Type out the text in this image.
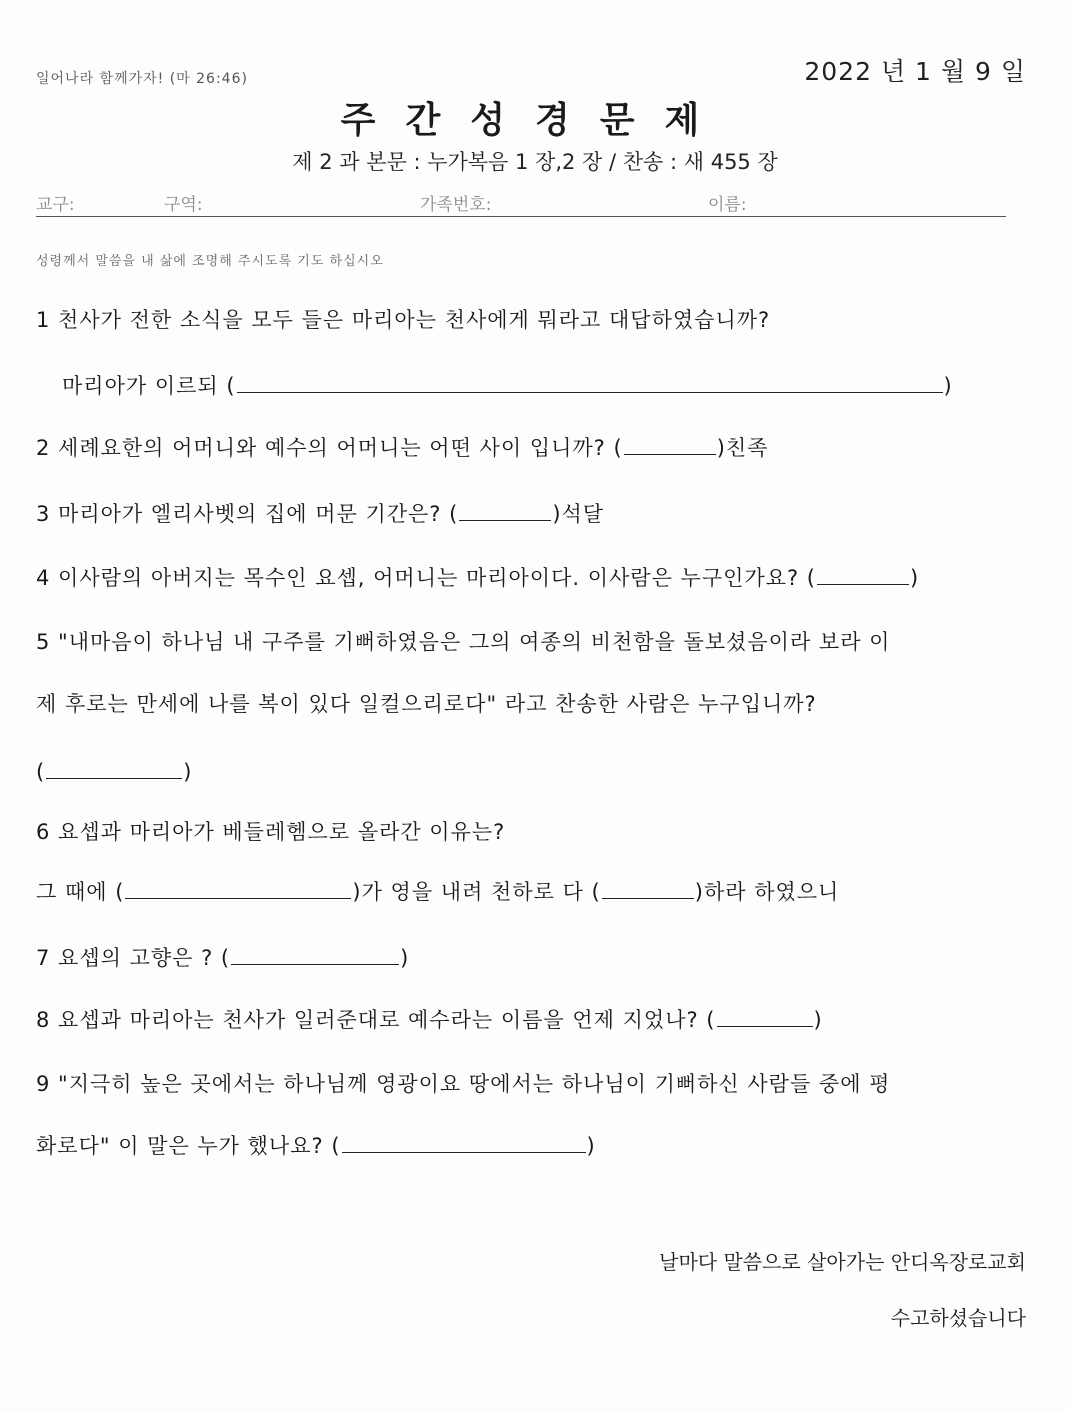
일어나라 함께가자! (마 26:46)	2022 년 1 월 9 일
주간성경문제
제 2 과 본문 : 누가복음 1 장,2 장 / 찬송 : 새 455 장
교구:	구역:	가족번호:	이름:
성령께서 말씀을 내 삶에 조명해 주시도록 기도 하십시오
1 천사가 전한 소식을 모두 들은 마리아는 천사에게 뭐라고 대답하였습니까?
마리아가 이르되 (	)
2 세례요한의 어머니와 예수의 어머니는 어떤 사이 입니까? (	)친족
3 마리아가 엘리사벳의 집에 머문 기간은? (	)석달
4 이사람의 아버지는 목수인 요셉, 어머니는 마리아이다. 이사람은 누구인가요? (	)
5 "내마음이 하나님 내 구주를 기뻐하였음은 그의 여종의 비천함을 돌보셨음이라 보라 이
제 후로는 만세에 나를 복이 있다 일컬으리로다" 라고 찬송한 사람은 누구입니까?
(	)
6 요셉과 마리아가 베들레헴으로 올라간 이유는?
그 때에 (	)가 영을 내려 천하로 다 (	)하라 하였으니
7 요셉의 고향은 ? (	)
8 요셉과 마리아는 천사가 일러준대로 예수라는 이름을 언제 지었나? (	)
9 "지극히 높은 곳에서는 하나님께 영광이요 땅에서는 하나님이 기뻐하신 사람들 중에 평
화로다" 이 말은 누가 했나요? (	)
날마다 말씀으로 살아가는 안디옥장로교회
수고하셨습니다
